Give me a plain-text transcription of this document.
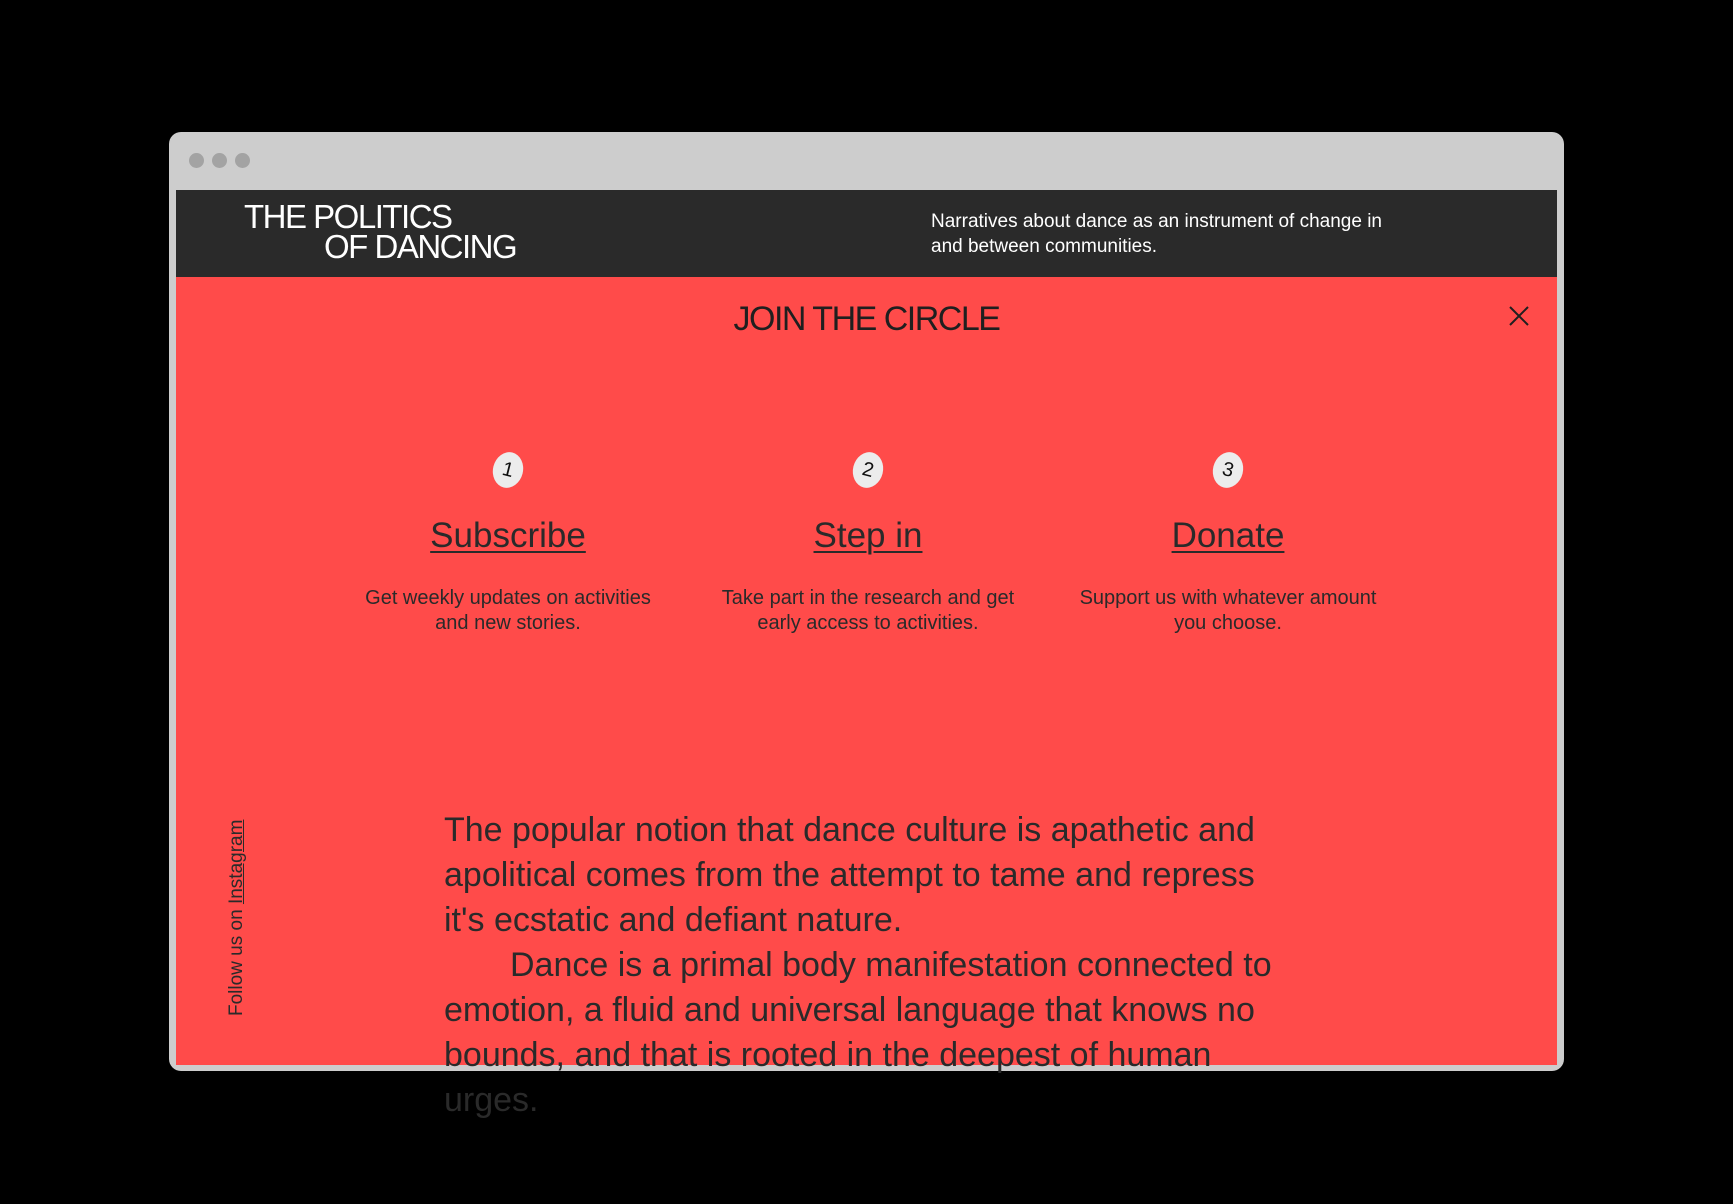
THE POLITICS
OF DANCING
Narratives about dance as an instrument of change in and between communities.
JOIN THE CIRCLE
1
Subscribe
Get weekly updates on activities and new stories.
2
Step in
Take part in the research and get early access to activities.
3
Donate
Support us with whatever amount you choose.
Follow us on Instagram	The popular notion that dance culture is apathetic and apolitical comes from the attempt to tame and repress it's ecstatic and defiant nature.

Dance is a primal body manifestation connected to emotion, a fluid and universal language that knows no bounds, and that is rooted in the deepest of human urges.
